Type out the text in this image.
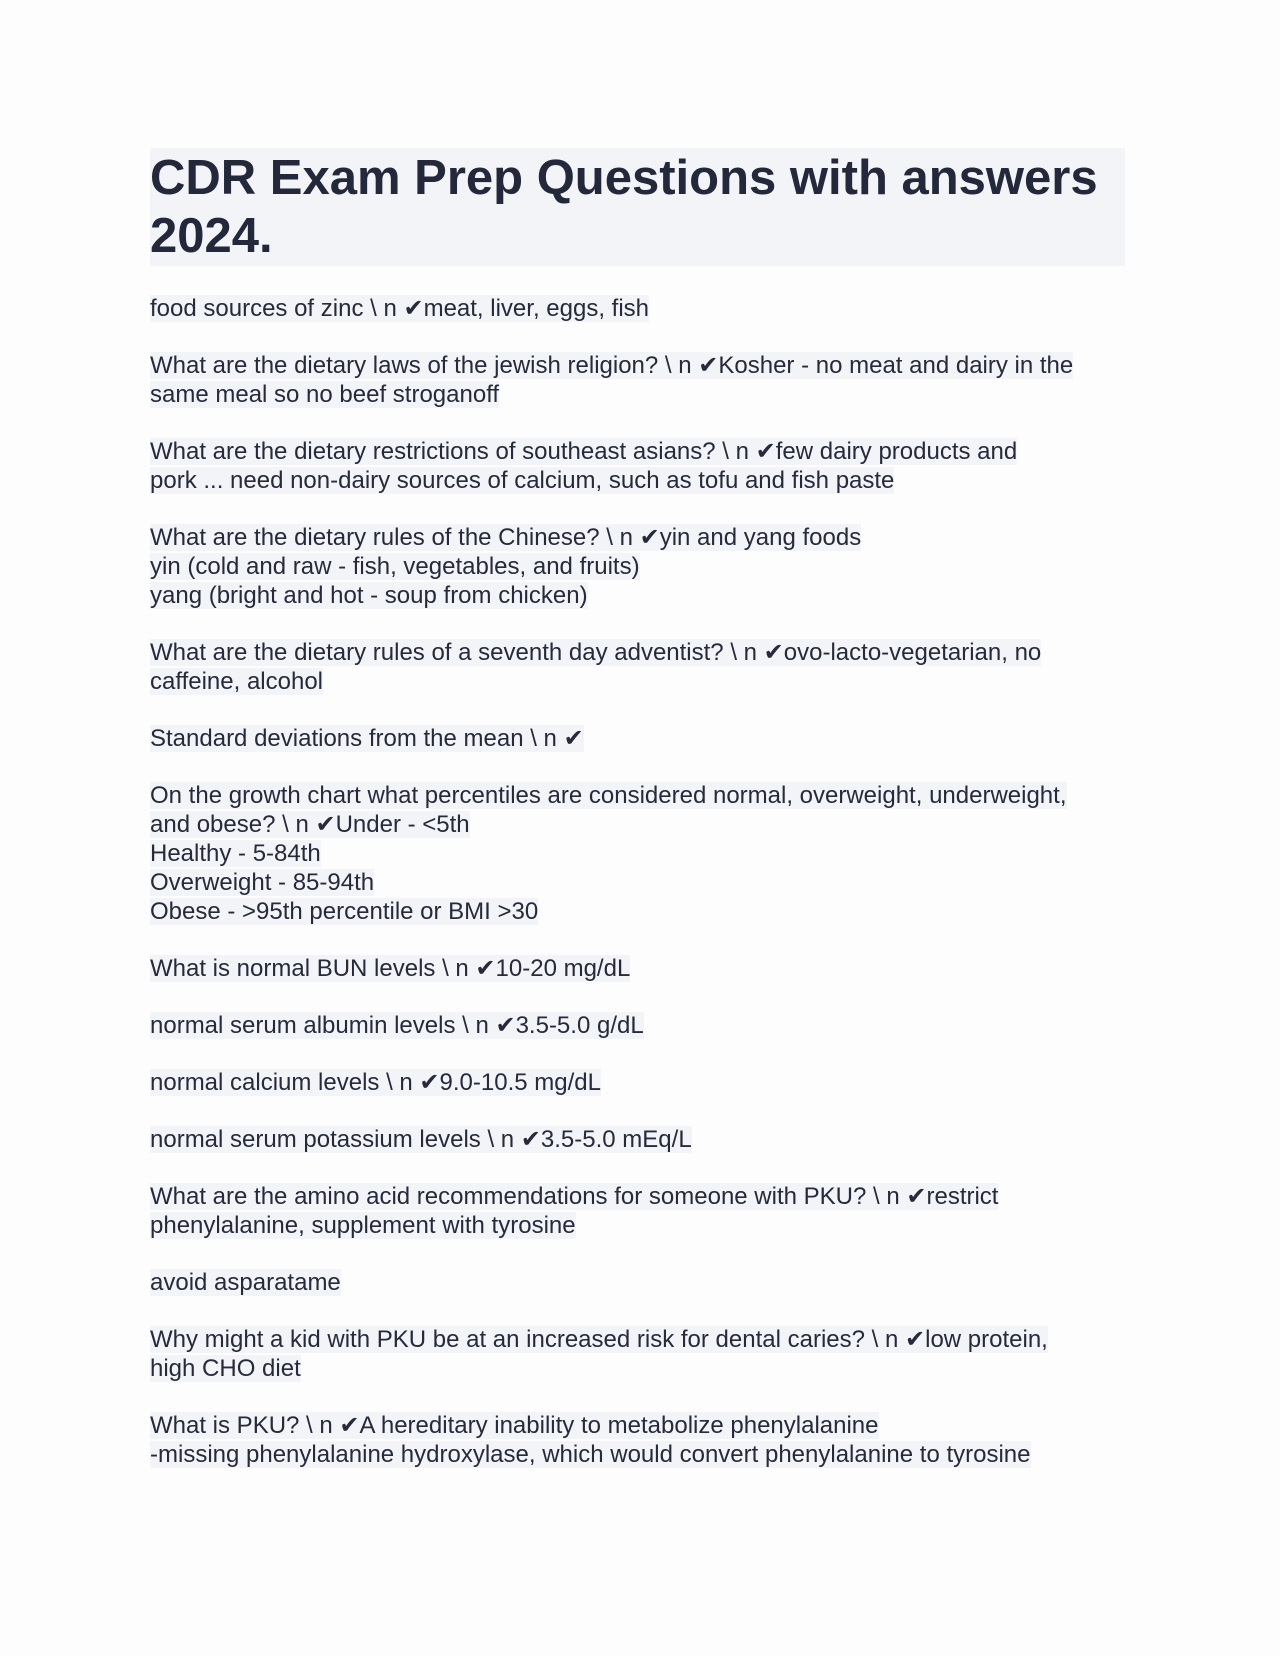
CDR Exam Prep Questions with answers 2024.
food sources of zinc \ n ✔meat, liver, eggs, fish
What are the dietary laws of the jewish religion? \ n ✔Kosher - no meat and dairy in the
same meal so no beef stroganoff
What are the dietary restrictions of southeast asians? \ n ✔few dairy products and
pork ... need non-dairy sources of calcium, such as tofu and fish paste
What are the dietary rules of the Chinese? \ n ✔yin and yang foods
yin (cold and raw - fish, vegetables, and fruits)
yang (bright and hot - soup from chicken)
What are the dietary rules of a seventh day adventist? \ n ✔ovo-lacto-vegetarian, no
caffeine, alcohol
Standard deviations from the mean \ n ✔
On the growth chart what percentiles are considered normal, overweight, underweight,
and obese? \ n ✔Under - <5th
Healthy - 5-84th
Overweight - 85-94th
Obese - >95th percentile or BMI >30
What is normal BUN levels \ n ✔10-20 mg/dL
normal serum albumin levels \ n ✔3.5-5.0 g/dL
normal calcium levels \ n ✔9.0-10.5 mg/dL
normal serum potassium levels \ n ✔3.5-5.0 mEq/L
What are the amino acid recommendations for someone with PKU? \ n ✔restrict
phenylalanine, supplement with tyrosine
avoid asparatame
Why might a kid with PKU be at an increased risk for dental caries? \ n ✔low protein,
high CHO diet
What is PKU? \ n ✔A hereditary inability to metabolize phenylalanine
-missing phenylalanine hydroxylase, which would convert phenylalanine to tyrosine
